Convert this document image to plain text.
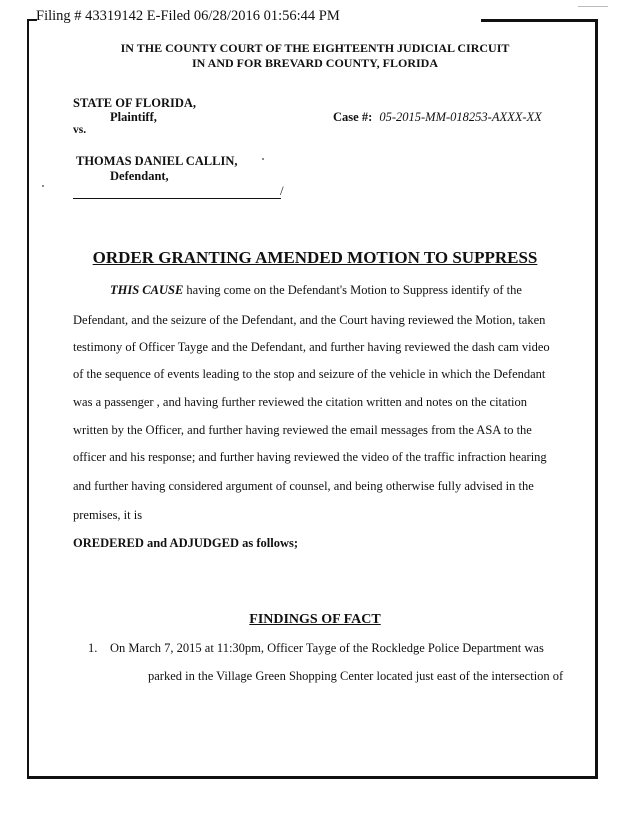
Filing # 43319142 E-Filed 06/28/2016 01:56:44 PM
IN THE COUNTY COURT OF THE EIGHTEENTH JUDICIAL CIRCUIT
IN AND FOR BREVARD COUNTY, FLORIDA
STATE OF FLORIDA,
Plaintiff,
vs.
Case #: 05-2015-MM-018253-AXXX-XX
THOMAS DANIEL CALLIN,
Defendant,
/
ORDER GRANTING AMENDED MOTION TO SUPPRESS
THIS CAUSE having come on the Defendant's Motion to Suppress identify of the
Defendant, and the seizure of the Defendant, and the Court having reviewed the Motion, taken
testimony of Officer Tayge and the Defendant, and further having reviewed the dash cam video
of the sequence of events leading to the stop and seizure of the vehicle in which the Defendant
was a passenger , and having further reviewed the citation written and notes on the citation
written by the Officer, and further having reviewed the email messages from the ASA to the
officer and his response; and further having reviewed the video of the traffic infraction hearing
and further having considered argument of counsel, and being otherwise fully advised in the
premises, it is
OREDERED and ADJUDGED as follows;
FINDINGS OF FACT
1. On March 7, 2015 at 11:30pm, Officer Tayge of the Rockledge Police Department was
parked in the Village Green Shopping Center located just east of the intersection of
